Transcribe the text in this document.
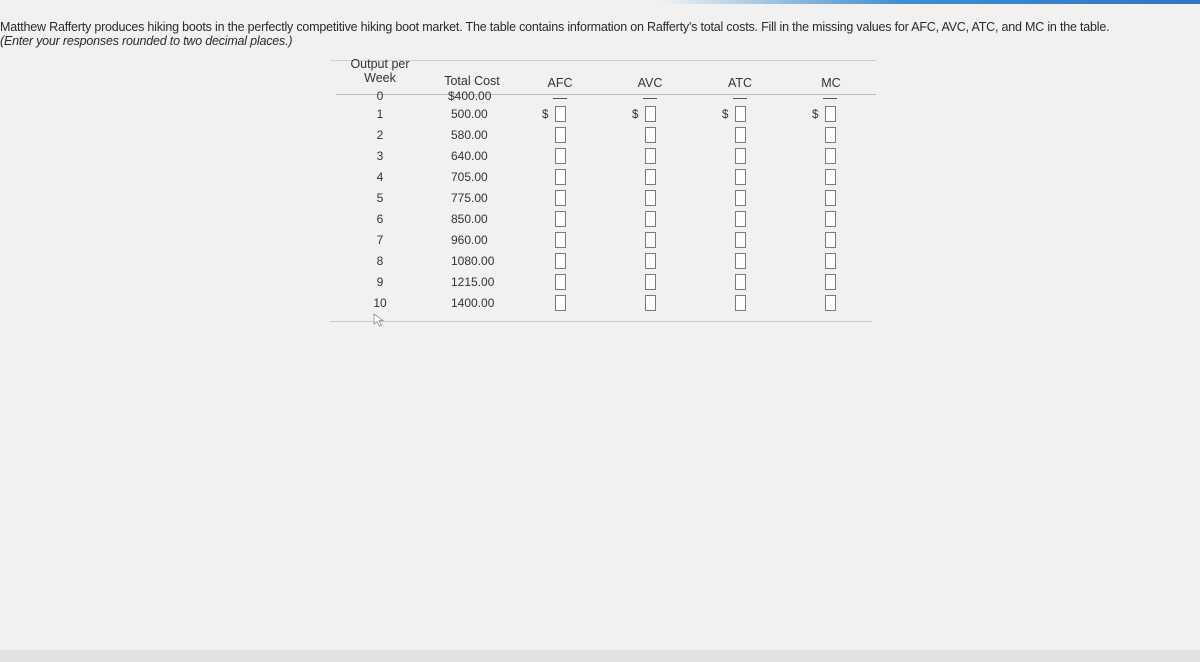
Matthew Rafferty produces hiking boots in the perfectly competitive hiking boot market. The table contains information on Rafferty's total costs. Fill in the missing values for AFC, AVC, ATC, and MC in the table.
(Enter your responses rounded to two decimal places.)
Output per Week	Total Cost	AFC	AVC	ATC	MC
0	$400.00
1	500.00	$	$	$	$
2	580.00
3	640.00
4	705.00
5	775.00
6	850.00
7	960.00
8	1080.00
9	1215.00
10	1400.00
